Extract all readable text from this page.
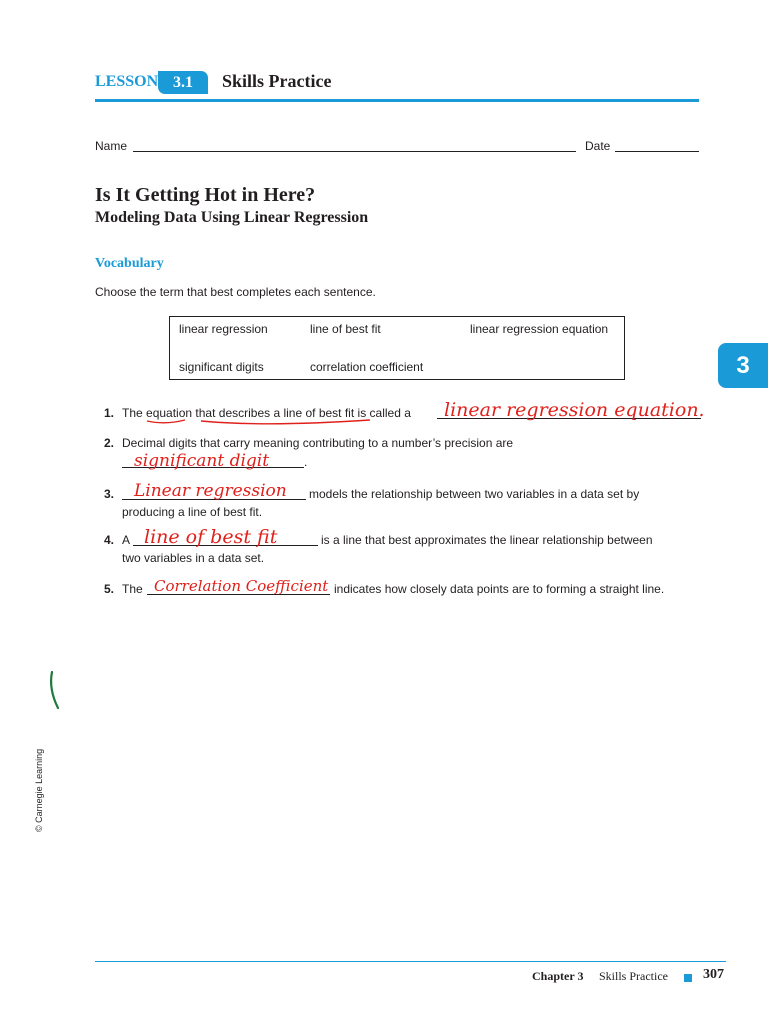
LESSON 3.1	Skills Practice
Name	Date
Is It Getting Hot in Here?
Modeling Data Using Linear Regression
Vocabulary
Choose the term that best completes each sentence.
linear regression	line of best fit	linear regression equation
significant digits	correlation coefficient	3
1. The equation that describes a line of best fit is called a linear regression equation.
2. Decimal digits that carry meaning contributing to a number’s precision are
.
significant digit
3.	models the relationship between two variables in a data set by
producing a line of best fit.
Linear regression
4. A	is a line that best approximates the linear relationship between
two variables in a data set.
line of best fit
5. The	indicates how closely data points are to forming a straight line.
Correlation Coefficient
© Carnegie Learning
Chapter 3 Skills Practice	307
